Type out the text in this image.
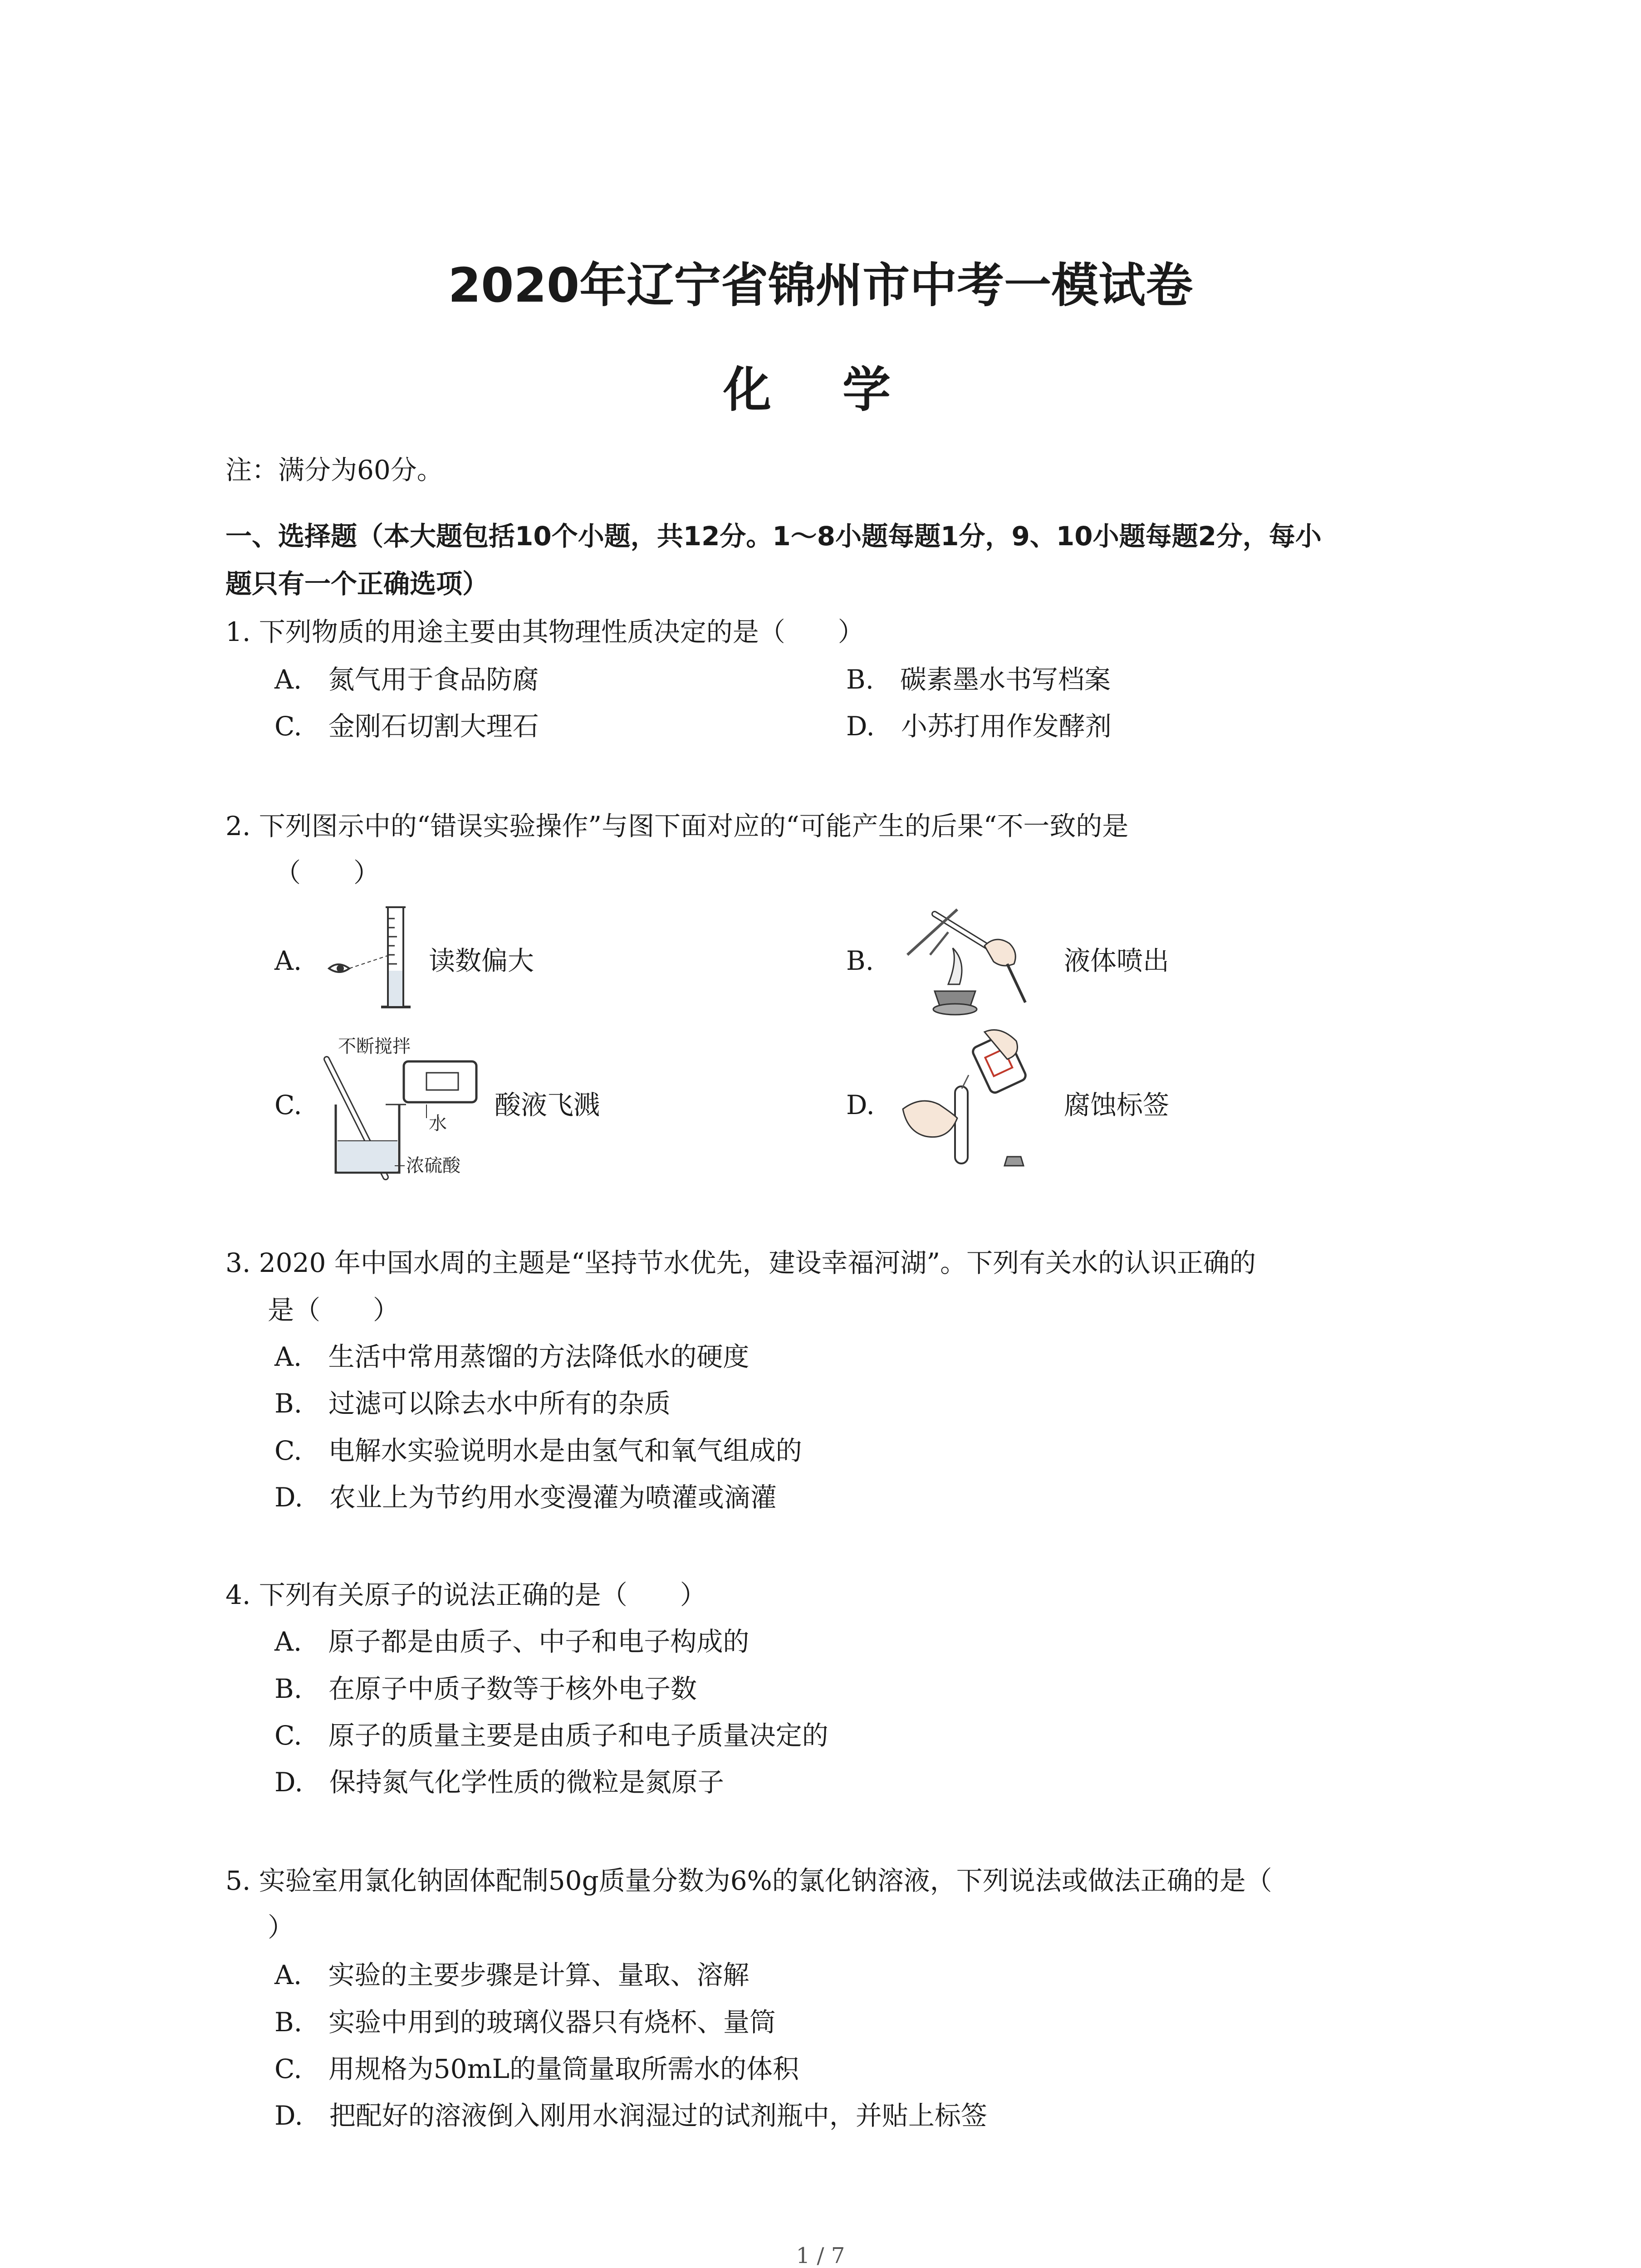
2020年辽宁省锦州市中考一模试卷
化 学
注：满分为60分。
一、选择题（本大题包括10个小题，共12分。1～8小题每题1分，9、10小题每题2分，每小
题只有一个正确选项）
1. 下列物质的用途主要由其物理性质决定的是（　　）
A.　氮气用于食品防腐	B.　碳素墨水书写档案
C.　金刚石切割大理石	D.　小苏打用作发酵剂
2. 下列图示中的“错误实验操作”与图下面对应的“可能产生的后果“不一致的是
（　　）
A.	读数偏大	B.	液体喷出
C.
不断搅拌
浓硫酸
水
酸液飞溅	D.	腐蚀标签
3. 2020 年中国水周的主题是“坚持节水优先，建设幸福河湖”。下列有关水的认识正确的
是（　　）
A.　生活中常用蒸馏的方法降低水的硬度
B.　过滤可以除去水中所有的杂质
C.　电解水实验说明水是由氢气和氧气组成的
D.　农业上为节约用水变漫灌为喷灌或滴灌
4. 下列有关原子的说法正确的是（　　）
A.　原子都是由质子、中子和电子构成的
B.　在原子中质子数等于核外电子数
C.　原子的质量主要是由质子和电子质量决定的
D.　保持氮气化学性质的微粒是氮原子
5. 实验室用氯化钠固体配制50g质量分数为6%的氯化钠溶液，下列说法或做法正确的是（
）
A.　实验的主要步骤是计算、量取、溶解
B.　实验中用到的玻璃仪器只有烧杯、量筒
C.　用规格为50mL的量筒量取所需水的体积
D.　把配好的溶液倒入刚用水润湿过的试剂瓶中，并贴上标签
1 / 7
